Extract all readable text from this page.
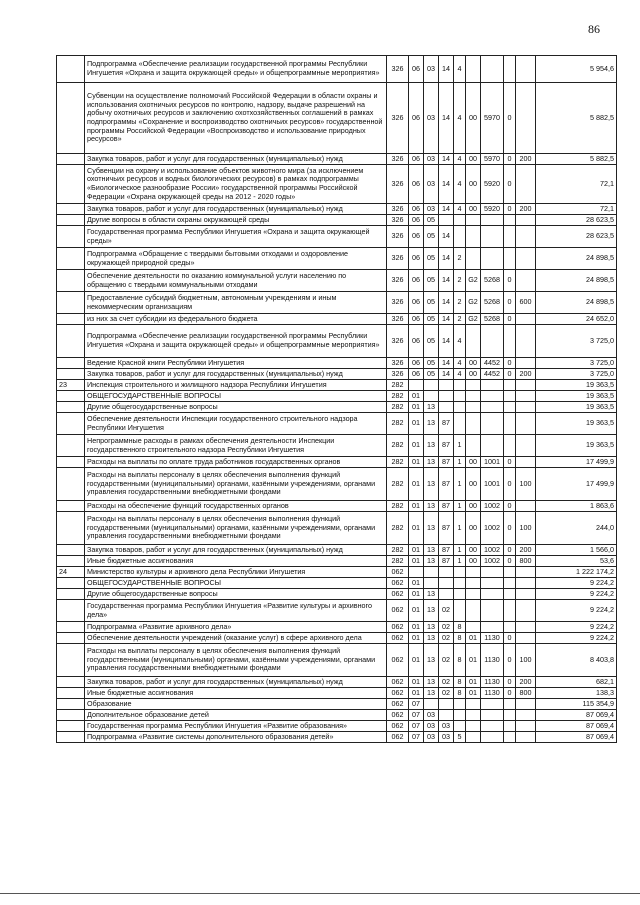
86
	Подпрограмма «Обеспечение реализации государственной программы Республики Ингушетия «Охрана и защита окружающей среды» и общепрограммные мероприятия»	326	06	03	14	4					5 954,6
	Субвенции на осуществление полномочий Российской Федерации в области охраны и использования охотничьих ресурсов по контролю, надзору, выдаче разрешений на добычу охотничьих ресурсов и заключению охотхозяйственных соглашений в рамках подпрограммы «Сохранение и воспроизводство охотничьих ресурсов» государственной программы Российской Федерации «Воспроизводство и использование природных ресурсов»	326	06	03	14	4	00	5970	0		5 882,5
	Закупка товаров, работ и услуг для государственных (муниципальных) нужд	326	06	03	14	4	00	5970	0	200	5 882,5
	Субвенции на охрану и использование объектов животного мира (за исключением охотничьих ресурсов и водных биологических ресурсов) в рамках подпрограммы «Биологическое разнообразие России» государственной программы Российской Федерации «Охрана окружающей среды на 2012 - 2020 годы»	326	06	03	14	4	00	5920	0		72,1
	Закупка товаров, работ и услуг для государственных (муниципальных) нужд	326	06	03	14	4	00	5920	0	200	72,1
	Другие вопросы в области охраны окружающей среды	326	06	05							28 623,5
	Государственная программа Республики Ингушетия «Охрана и защита окружающей среды»	326	06	05	14						28 623,5
	Подпрограмма «Обращение с твердыми бытовыми отходами и оздоровление окружающей природной среды»	326	06	05	14	2					24 898,5
	Обеспечение деятельности по оказанию коммунальной услуги населению по обращению с твердыми коммунальными отходами	326	06	05	14	2	G2	5268	0		24 898,5
	Предоставление субсидий бюджетным, автономным учреждениям и иным некоммерческим организациям	326	06	05	14	2	G2	5268	0	600	24 898,5
	из них за счет субсидии из федерального бюджета	326	06	05	14	2	G2	5268	0		24 652,0
	Подпрограмма «Обеспечение реализации государственной программы Республики Ингушетия «Охрана и защита окружающей среды» и общепрограммные мероприятия»	326	06	05	14	4					3 725,0
	Ведение Красной книги Республики Ингушетия	326	06	05	14	4	00	4452	0		3 725,0
	Закупка товаров, работ и услуг для государственных (муниципальных) нужд	326	06	05	14	4	00	4452	0	200	3 725,0
23	Инспекция строительного и жилищного надзора Республики Ингушетия	282									19 363,5
	ОБЩЕГОСУДАРСТВЕННЫЕ ВОПРОСЫ	282	01								19 363,5
	Другие общегосударственные вопросы	282	01	13							19 363,5
	Обеспечение деятельности Инспекции государственного строительного надзора Республики Ингушетия	282	01	13	87						19 363,5
	Непрограммные расходы в рамках обеспечения деятельности Инспекции государственного строительного надзора Республики Ингушетия	282	01	13	87	1					19 363,5
	Расходы на выплаты по оплате труда работников государственных органов	282	01	13	87	1	00	1001	0		17 499,9
	Расходы на выплаты персоналу в целях обеспечения выполнения функций государственными (муниципальными) органами, казёнными учреждениями, органами управления государственными внебюджетными фондами	282	01	13	87	1	00	1001	0	100	17 499,9
	Расходы на обеспечение функций государственных органов	282	01	13	87	1	00	1002	0		1 863,6
	Расходы на выплаты персоналу в целях обеспечения выполнения функций государственными (муниципальными) органами, казёнными учреждениями, органами управления государственными внебюджетными фондами	282	01	13	87	1	00	1002	0	100	244,0
	Закупка товаров, работ и услуг для государственных (муниципальных) нужд	282	01	13	87	1	00	1002	0	200	1 566,0
	Иные бюджетные ассигнования	282	01	13	87	1	00	1002	0	800	53,6
24	Министерство культуры и архивного дела Республики Ингушетия	062									1 222 174,2
	ОБЩЕГОСУДАРСТВЕННЫЕ ВОПРОСЫ	062	01								9 224,2
	Другие общегосударственные вопросы	062	01	13							9 224,2
	Государственная программа Республики Ингушетия «Развитие культуры и архивного дела»	062	01	13	02						9 224,2
	Подпрограмма «Развитие архивного дела»	062	01	13	02	8					9 224,2
	Обеспечение деятельности учреждений (оказание услуг) в сфере архивного дела	062	01	13	02	8	01	1130	0		9 224,2
	Расходы на выплаты персоналу в целях обеспечения выполнения функций государственными (муниципальными) органами, казёнными учреждениями, органами управления государственными внебюджетными фондами	062	01	13	02	8	01	1130	0	100	8 403,8
	Закупка товаров, работ и услуг для государственных (муниципальных) нужд	062	01	13	02	8	01	1130	0	200	682,1
	Иные бюджетные ассигнования	062	01	13	02	8	01	1130	0	800	138,3
	Образование	062	07								115 354,9
	Дополнительное образование детей	062	07	03							87 069,4
	Государственная программа Республики Ингушетия «Развитие образования»	062	07	03	03						87 069,4
	Подпрограмма «Развитие системы дополнительного образования детей»	062	07	03	03	5					87 069,4
